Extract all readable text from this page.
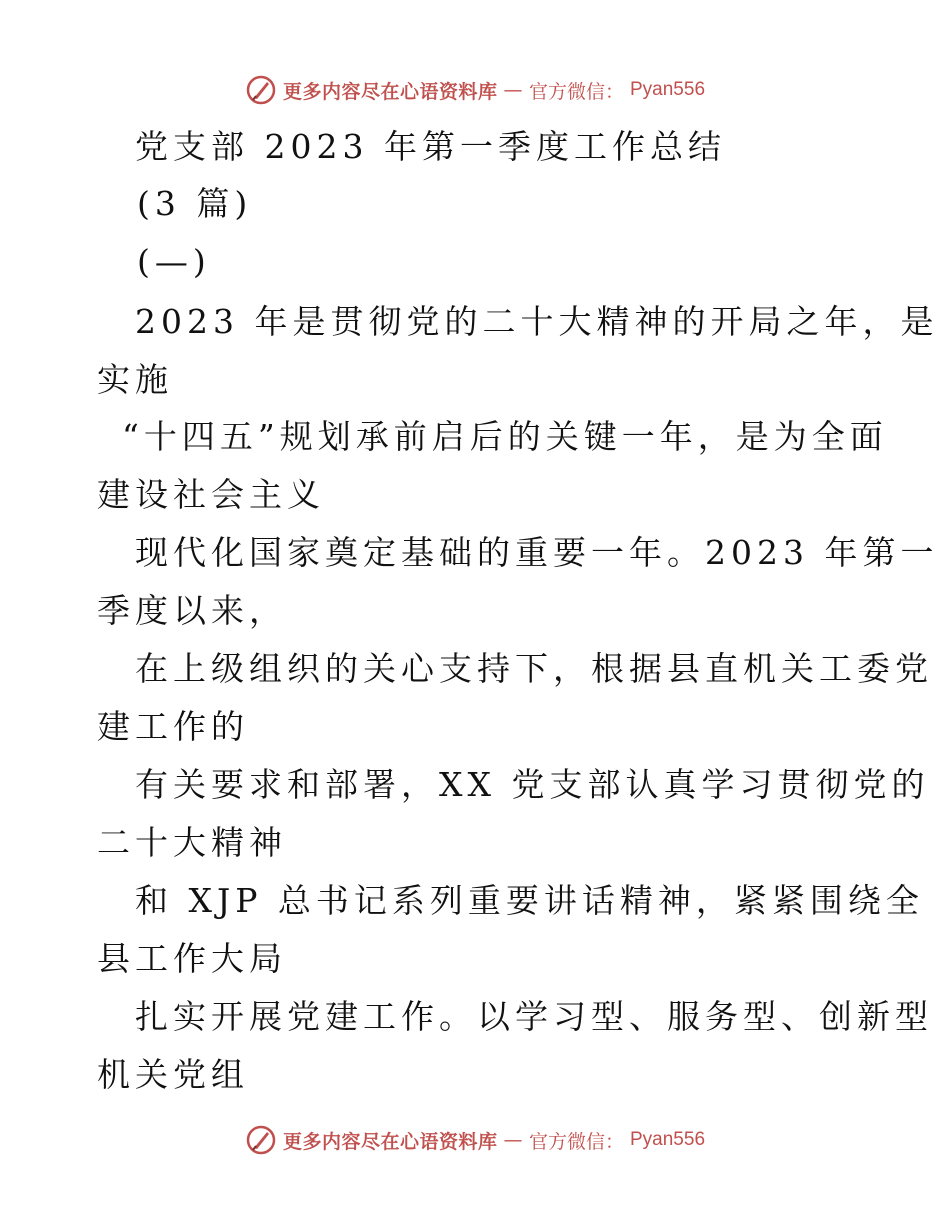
更多内容尽在心语资料库 — 官方微信： Pyan556
党支部 2023 年第一季度工作总结
(3 篇)
(—)
2023 年是贯彻党的二十大精神的开局之年，是
实施
“十四五”规划承前启后的关键一年，是为全面
建设社会主义
现代化国家奠定基础的重要一年。2023 年第一
季度以来，
在上级组织的关心支持下，根据县直机关工委党
建工作的
有关要求和部署，XX 党支部认真学习贯彻党的
二十大精神
和 XJP 总书记系列重要讲话精神，紧紧围绕全
县工作大局
扎实开展党建工作。以学习型、服务型、创新型
机关党组
更多内容尽在心语资料库 — 官方微信： Pyan556
